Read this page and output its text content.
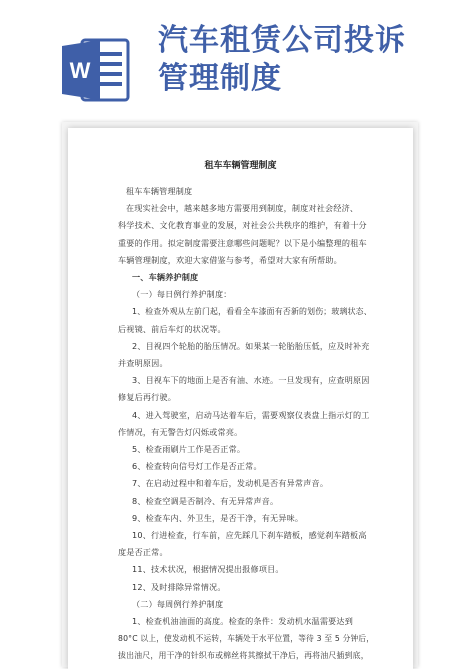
W
汽车租赁公司投诉
管理制度

租车车辆管理制度

租车车辆管理制度

在现实社会中，越来越多地方需要用到制度，制度对社会经济、

科学技术、文化教育事业的发展，对社会公共秩序的维护，有着十分

重要的作用。拟定制度需要注意哪些问题呢？以下是小编整理的租车

车辆管理制度，欢迎大家借鉴与参考，希望对大家有所帮助。

一、车辆养护制度

（一）每日例行养护制度：

1、检查外观从左前门起，看看全车漆面有否新的划伤；玻璃状态、

后视镜、前后车灯的状况等。

2、目视四个轮胎的胎压情况。如果某一轮胎胎压低，应及时补充

并查明原因。

3、目视车下的地面上是否有油、水迹。一旦发现有，应查明原因

修复后再行驶。

4、进入驾驶室，启动马达着车后，需要观察仪表盘上指示灯的工

作情况，有无警告灯闪烁或常亮。

5、检查雨刷片工作是否正常。

6、检查转向信号灯工作是否正常。

7、在启动过程中和着车后，发动机是否有异常声音。

8、检查空调是否制冷、有无异常声音。

9、检查车内、外卫生，是否干净，有无异味。

10、行进检查，行车前，应先踩几下刹车踏板，感觉刹车踏板高

度是否正常。

11、技术状况，根据情况提出报修项目。

12、及时排除异常情况。

（二）每周例行养护制度

1、检查机油油面的高度。检查的条件：发动机水温需要达到

80°C 以上，使发动机不运转，车辆处于水平位置，等待 3 至 5 分钟后，

拔出油尺，用干净的针织布或棉丝将其擦拭干净后，再将油尺插到底，
